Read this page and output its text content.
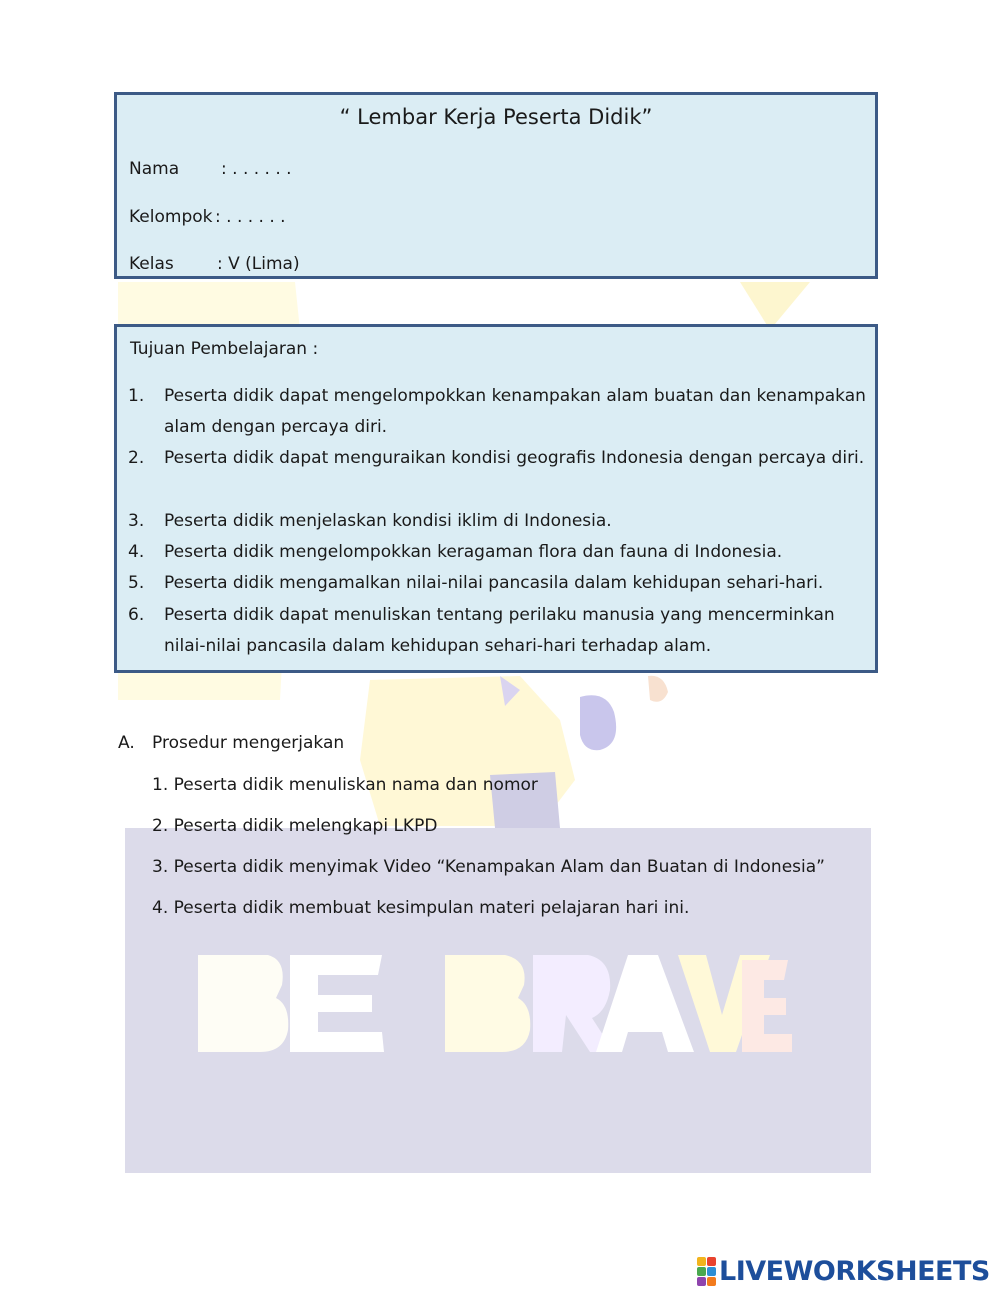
“ Lembar Kerja Peserta Didik”
Nama : . . . . . .
Kelompok : . . . . . .
Kelas	: V (Lima)
Tujuan Pembelajaran :
1. Peserta didik dapat mengelompokkan kenampakan alam buatan dan kenampakan alam dengan percaya diri.
2. Peserta didik dapat menguraikan kondisi geografis Indonesia dengan percaya diri.
3. Peserta didik menjelaskan kondisi iklim di Indonesia.
4. Peserta didik mengelompokkan keragaman flora dan fauna di Indonesia.
5. Peserta didik mengamalkan nilai-nilai pancasila dalam kehidupan sehari-hari.
6. Peserta didik dapat menuliskan tentang perilaku manusia yang mencerminkan nilai-nilai pancasila dalam kehidupan sehari-hari terhadap alam.
A. Prosedur mengerjakan
1. Peserta didik menuliskan nama dan nomor
2. Peserta didik melengkapi LKPD
3. Peserta didik menyimak Video “Kenampakan Alam dan Buatan di Indonesia”
4. Peserta didik membuat kesimpulan materi pelajaran hari ini.
LIVEWORKSHEETS
